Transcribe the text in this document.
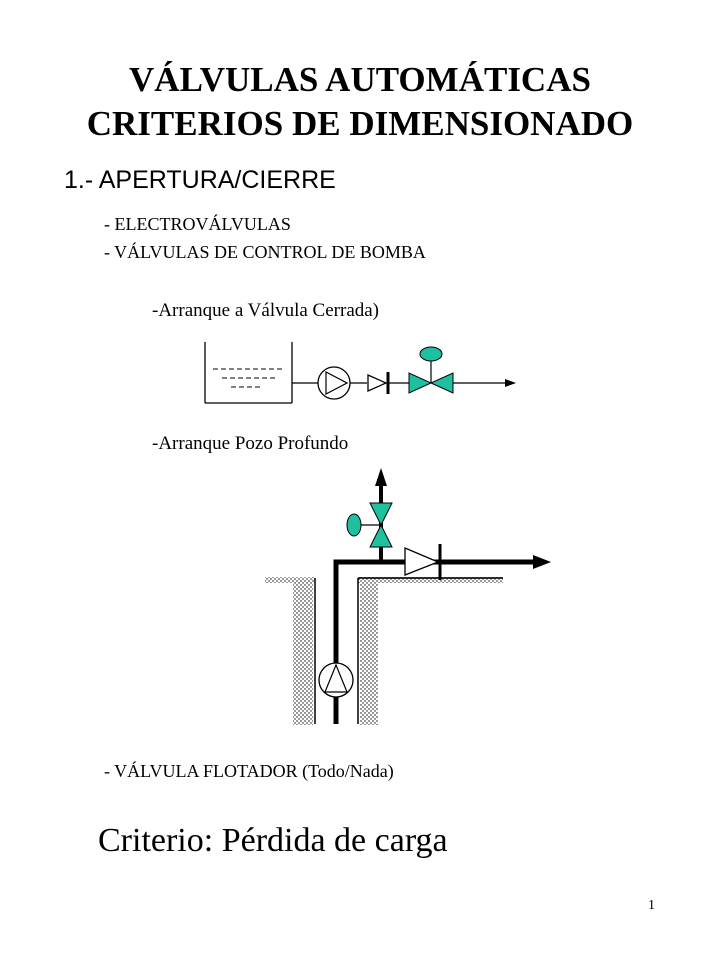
VÁLVULAS AUTOMÁTICAS
CRITERIOS DE DIMENSIONADO
1.- APERTURA/CIERRE
- ELECTROVÁLVULAS
- VÁLVULAS DE CONTROL DE BOMBA
-Arranque a Válvula Cerrada)
-Arranque Pozo Profundo
- VÁLVULA FLOTADOR (Todo/Nada)
Criterio: Pérdida de carga
1
